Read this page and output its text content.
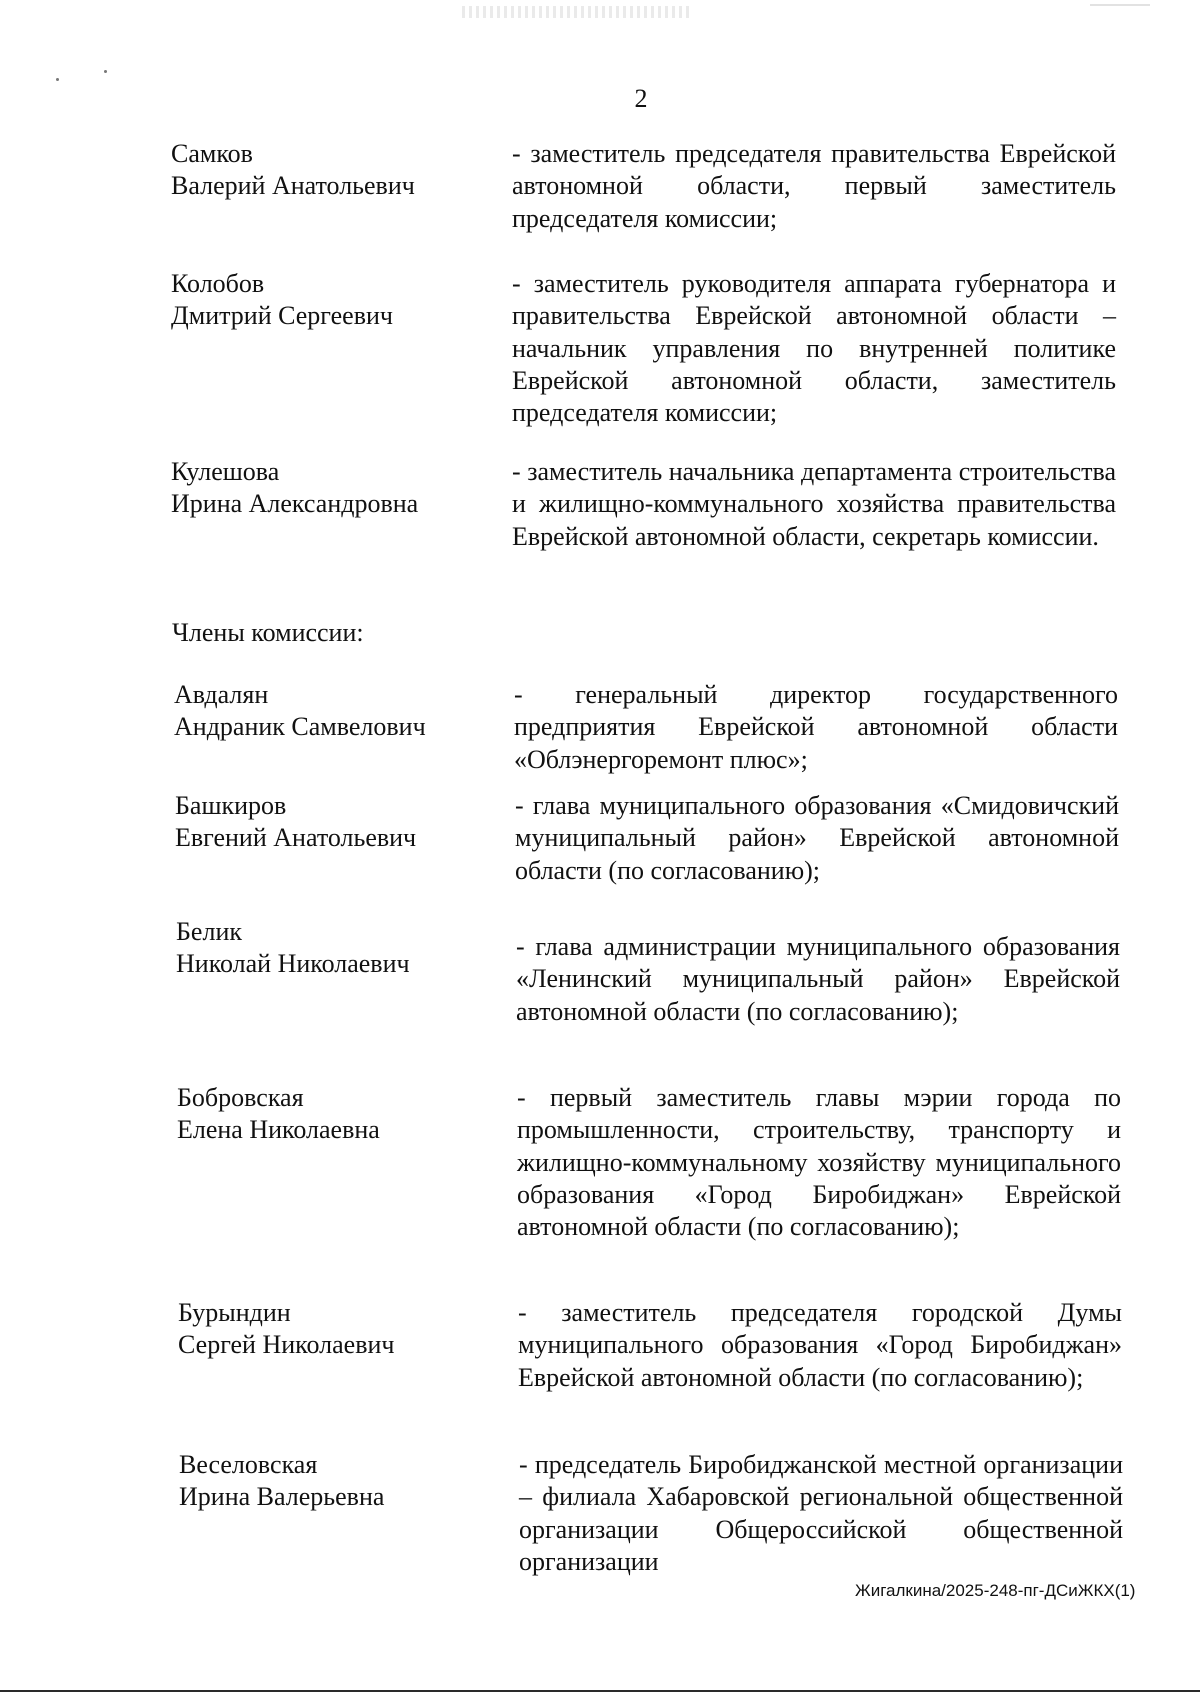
2
Самков
Валерий Анатольевич
- заместитель председателя правительства Еврейской автономной области, первый заместитель председателя комиссии;
Колобов
Дмитрий Сергеевич
- заместитель руководителя аппарата губернатора и правительства Еврейской автономной области – начальник управления по внутренней политике Еврейской автономной области, заместитель председателя комиссии;
Кулешова
Ирина Александровна
- заместитель начальника департамента строительства и жилищно-коммунального хозяйства правительства Еврейской автономной области, секретарь комиссии.
Члены комиссии:
Авдалян
Андраник Самвелович
- генеральный директор государственного предприятия Еврейской автономной области «Облэнергоремонт плюс»;
Башкиров
Евгений Анатольевич
- глава муниципального образования «Смидовичский муниципальный район» Еврейской автономной области (по согласованию);
Белик
Николай Николаевич
- глава администрации муниципального образования «Ленинский муниципальный район» Еврейской автономной области (по согласованию);
Бобровская
Елена Николаевна
- первый заместитель главы мэрии города по промышленности, строительству, транспорту и жилищно-коммунальному хозяйству муниципального образования «Город Биробиджан» Еврейской автономной области (по согласованию);
Бурындин
Сергей Николаевич
- заместитель председателя городской Думы муниципального образования «Город Биробиджан» Еврейской автономной области (по согласованию);
Веселовская
Ирина Валерьевна
- председатель Биробиджанской местной организации – филиала Хабаровской региональной общественной организации Общероссийской общественной организации
Жигалкина/2025-248-пг-ДСиЖКХ(1)
